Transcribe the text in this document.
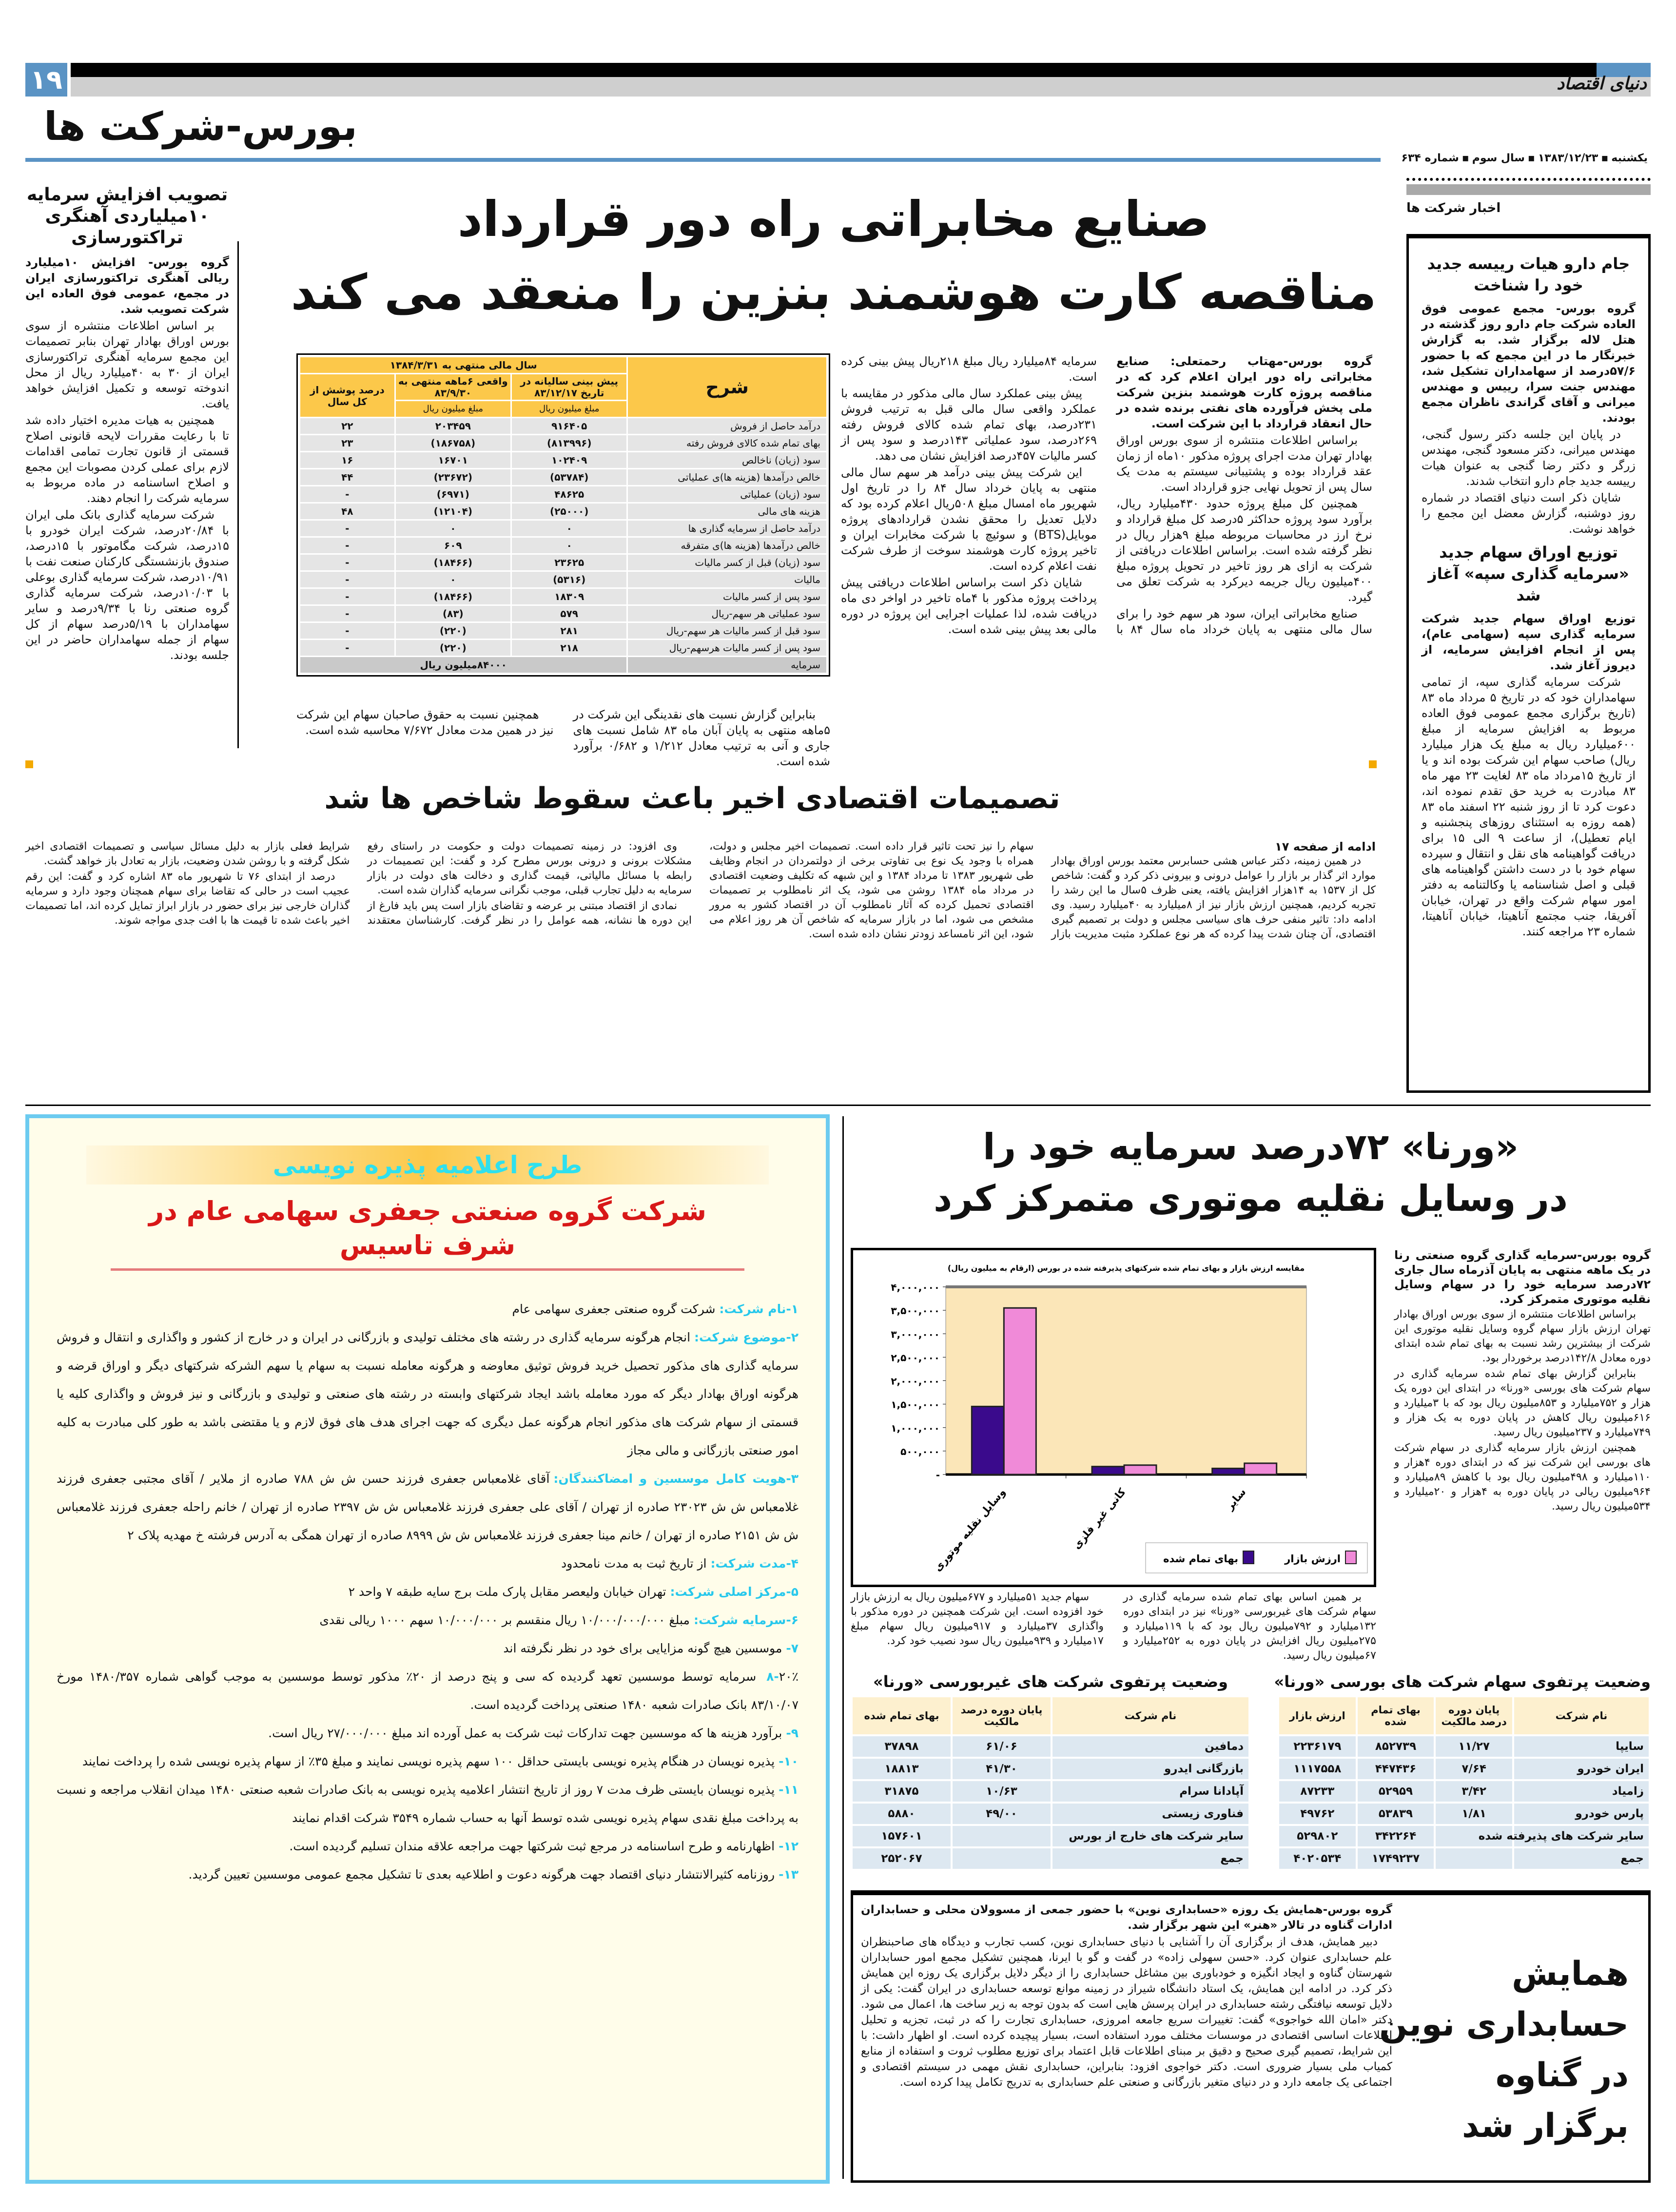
۱۹	دنیای اقتصاد
بورس-شرکت ها
یکشنبه▪۱۳۸۳/۱۲/۲۳▪سال سوم▪شماره ۶۳۴
اخبار شرکت ها
جام دارو هیات رییسه جدید خود را شناخت

گروه بورس- مجمع عمومی فوق العاده شرکت جام دارو روز گذشته در هتل لاله برگزار شد. به گزارش خبرنگار ما در این مجمع که با حضور ۵۷/۶درصد از سهامداران تشکیل شد، مهندس جنت سرا، رییس و مهندس میرانی و آقای گراندی ناظران مجمع بودند.

در پایان این جلسه دکتر رسول گنجی، مهندس میرانی، دکتر مسعود گنجی، مهندس زرگر و دکتر رضا گنجی به عنوان هیات رییسه جدید جام دارو انتخاب شدند.

شایان ذکر است دنیای اقتصاد در شماره روز دوشنبه، گزارش معضل این مجمع را خواهد نوشت.

توزیع اوراق سهام جدید «سرمایه گذاری سپه» آغاز شد

توزیع اوراق سهام جدید شرکت سرمایه گذاری سپه (سهامی عام)، پس از انجام افزایش سرمایه، از دیروز آغاز شد.

شرکت سرمایه گذاری سپه، از تمامی سهامداران خود که در تاریخ ۵ مرداد ماه ۸۳ (تاریخ برگزاری مجمع عمومی فوق العاده مربوط به افزایش سرمایه از مبلغ ۶۰۰میلیارد ریال به مبلغ یک هزار میلیارد ریال) صاحب سهام این شرکت بوده اند و یا از تاریخ ۱۵مرداد ماه ۸۳ لغایت ۲۳ مهر ماه ۸۳ مبادرت به خرید حق تقدم نموده اند، دعوت کرد تا از روز شنبه ۲۲ اسفند ماه ۸۳ (همه روزه به استثنای روزهای پنجشنبه و ایام تعطیل)، از ساعت ۹ الی ۱۵ برای دریافت گواهینامه های نقل و انتقال و سپرده سهام خود با در دست داشتن گواهینامه های قبلی و اصل شناسنامه یا وکالتنامه به دفتر امور سهام شرکت واقع در تهران، خیابان آفریقا، جنب مجتمع آناهیتا، خیابان آناهیتا، شماره ۲۳ مراجعه کنند.

تصویب افزایش سرمایه ۱۰میلیاردی آهنگری تراکتورسازی

گروه بورس- افزایش ۱۰میلیارد ریالی آهنگری تراکتورسازی ایران در مجمع، عمومی فوق العاده این شرکت تصویب شد.

بر اساس اطلاعات منتشره از سوی بورس اوراق بهادار تهران بنابر تصمیمات این مجمع سرمایه آهنگری تراکتورسازی ایران از ۳۰ به ۴۰میلیارد ریال از محل اندوخته توسعه و تکمیل افزایش خواهد یافت.

همچنین به هیات مدیره اختیار داده شد تا با رعایت مقررات لایحه قانونی اصلاح قسمتی از قانون تجارت تمامی اقدامات لازم برای عملی کردن مصوبات این مجمع و اصلاح اساسنامه در ماده مربوط به سرمایه شرکت را انجام دهند.

شرکت سرمایه گذاری بانک ملی ایران با ۲۰/۸۴درصد، شرکت ایران خودرو با ۱۵درصد، شرکت مگاموتور با ۱۵درصد، صندوق بازنشستگی کارکنان صنعت نفت با ۱۰/۹۱درصد، شرکت سرمایه گذاری بوعلی با ۱۰/۰۳درصد، شرکت سرمایه گذاری گروه صنعتی رنا با ۹/۳۴درصد و سایر سهامداران با ۵/۱۹درصد سهام از کل سهام از جمله سهامداران حاضر در این جلسه بودند.

صنایع مخابراتی راه دور قرارداد
مناقصه کارت هوشمند بنزین را منعقد می کند
شرح	سال مالی منتهی به ۱۳۸۴/۳/۳۱		
	پیش بینی سالیانه در تاریخ ۸۳/۱۲/۱۷	واقعی ۶ماهه منتهی به ۸۳/۹/۳۰	درصد پوشش از کل سال
	مبلغ میلیون ریال	مبلغ میلیون ریال	
درآمد حاصل از فروش	۹۱۶۴۰۵	۲۰۳۴۵۹	۲۲
بهای تمام شده کالای فروش رفته	(۸۱۳۹۹۶)	(۱۸۶۷۵۸)	۲۳
سود (زیان) ناخالص	۱۰۲۴۰۹	۱۶۷۰۱	۱۶
خالص درآمدها (هزینه ها)ی عملیاتی	(۵۳۷۸۴)	(۲۳۶۷۲)	۴۴
سود (زیان) عملیاتی	۴۸۶۲۵	(۶۹۷۱)	-
هزینه های مالی	(۲۵۰۰۰)	(۱۲۱۰۴)	۴۸
درآمد حاصل از سرمایه گذاری ها	۰	۰	-
خالص درآمدها (هزینه ها)ی متفرقه	۰	۶۰۹	-
سود (زیان) قبل از کسر مالیات	۲۳۶۲۵	(۱۸۴۶۶)	-
مالیات	(۵۳۱۶)	۰	-
سود پس از کسر مالیات	۱۸۳۰۹	(۱۸۴۶۶)	-
سود عملیاتی هر سهم-ریال	۵۷۹	(۸۳)	-
سود قبل از کسر مالیات هر سهم-ریال	۲۸۱	(۲۲۰)	-
سود پس از کسر مالیات هرسهم-ریال	۲۱۸	(۲۲۰)	-
سرمایه	۸۴۰۰۰میلیون ریال		

بنابراین گزارش نسبت های نقدینگی این شرکت در ۵ماهه منتهی به پایان آبان ماه ۸۳ شامل نسبت های جاری و آنی به ترتیب معادل ۱/۲۱۲ و ۰/۶۸۲ برآورد شده است.

همچنین نسبت به حقوق صاحبان سهام این شرکت نیز در همین مدت معادل ۷/۶۷۲ محاسبه شده است.

گروه بورس-مهتاب رحمتعلی: صنایع مخابراتی راه دور ایران اعلام کرد که در مناقصه پروژه کارت هوشمند بنزین شرکت ملی پخش فرآورده های نفتی برنده شده در حال انعقاد قرارداد با این شرکت است.

براساس اطلاعات منتشره از سوی بورس اوراق بهادار تهران مدت اجرای پروژه مذکور ۱۰ماه از زمان عقد قرارداد بوده و پشتیبانی سیستم به مدت یک سال پس از تحویل نهایی جزو قرارداد است.

همچنین کل مبلغ پروژه حدود ۴۳۰میلیارد ریال، برآورد سود پروژه حداکثر ۵درصد کل مبلغ قرارداد و نرخ ارز در محاسبات مربوطه مبلغ ۹هزار ریال در نظر گرفته شده است. براساس اطلاعات دریافتی از شرکت به ازای هر روز تاخیر در تحویل پروژه مبلغ ۴۰۰میلیون ریال جریمه دیرکرد به شرکت تعلق می گیرد.

صنایع مخابراتی ایران، سود هر سهم خود را برای سال مالی منتهی به پایان خرداد ماه سال ۸۴ با سرمایه ۸۴میلیارد ریال مبلغ ۲۱۸ریال پیش بینی کرده است.

پیش بینی عملکرد سال مالی مذکور در مقایسه با عملکرد واقعی سال مالی قبل به ترتیب فروش ۲۳۱درصد، بهای تمام شده کالای فروش رفته ۲۶۹درصد، سود عملیاتی ۱۴۳درصد و سود پس از کسر مالیات ۴۵۷درصد افزایش نشان می دهد.

این شرکت پیش بینی درآمد هر سهم سال مالی منتهی به پایان خرداد سال ۸۴ را در تاریخ اول شهریور ماه امسال مبلغ ۵۰۸ریال اعلام کرده بود که دلایل تعدیل را محقق نشدن قراردادهای پروژه موبایل(BTS) و سوئیچ با شرکت مخابرات ایران و تاخیر پروژه کارت هوشمند سوخت از طرف شرکت نفت اعلام کرده است.

شایان ذکر است براساس اطلاعات دریافتی پیش پرداخت پروژه مذکور با ۴ماه تاخیر در اواخر دی ماه دریافت شده، لذا عملیات اجرایی این پروژه در دوره مالی بعد پیش بینی شده است.

تصمیمات اقتصادی اخیر باعث سقوط شاخص ها شد
ادامه از صفحه ۱۷

در همین زمینه، دکتر عباس هشی حسابرس معتمد بورس اوراق بهادار موارد اثر گذار بر بازار را عوامل درونی و بیرونی ذکر کرد و گفت: شاخص کل از ۱۵۳۷ به ۱۴هزار افزایش یافته، یعنی ظرف ۵سال ما این رشد را تجربه کردیم، همچنین ارزش بازار نیز از ۸میلیارد به ۴۰میلیارد رسید. وی ادامه داد: تاثیر منفی حرف های سیاسی مجلس و دولت بر تصمیم گیری اقتصادی، آن چنان شدت پیدا کرده که هر نوع عملکرد مثبت مدیریت بازار سهام را نیز تحت تاثیر قرار داده است. تصمیمات اخیر مجلس و دولت، همراه با وجود یک نوع بی تفاوتی برخی از دولتمردان در انجام وظایف طی شهریور ۱۳۸۳ تا مرداد ۱۳۸۴ و این شبهه که تکلیف وضعیت اقتصادی در مرداد ماه ۱۳۸۴ روشن می شود، یک اثر نامطلوب بر تصمیمات اقتصادی تحمیل کرده که آثار نامطلوب آن در اقتصاد کشور به مرور مشخص می شود، اما در بازار سرمایه که شاخص آن هر روز اعلام می شود، این اثر نامساعد زودتر نشان داده شده است.

وی افزود: در زمینه تصمیمات دولت و حکومت در راستای رفع مشکلات برونی و درونی بورس مطرح کرد و گفت: این تصمیمات در رابطه با مسائل مالیاتی، قیمت گذاری و دخالت های دولت در بازار سرمایه به دلیل تجارب قبلی، موجب نگرانی سرمایه گذاران شده است.

نمادی از اقتصاد مبتنی بر عرضه و تقاضای بازار است پس باید فارغ از این دوره ها نشانه، همه عوامل را در نظر گرفت. کارشناسان معتقدند شرایط فعلی بازار به دلیل مسائل سیاسی و تصمیمات اقتصادی اخیر شکل گرفته و با روشن شدن وضعیت، بازار به تعادل باز خواهد گشت.

درصد از ابتدای ۷۶ تا شهریور ماه ۸۳ اشاره کرد و گفت: این رقم عجیب است در حالی که تقاضا برای سهام همچنان وجود دارد و سرمایه گذاران خارجی نیز برای حضور در بازار ابراز تمایل کرده اند، اما تصمیمات اخیر باعث شده تا قیمت ها با افت جدی مواجه شوند.

طرح اعلامیه پذیره نویسی
شرکت گروه صنعتی جعفری سهامی عام در شرف تاسیس
۱-نام شرکت:شرکت گروه صنعتی جعفری سهامی عام
۲-موضوع شرکت:انجام هرگونه سرمایه گذاری در رشته های مختلف تولیدی و بازرگانی در ایران و در خارج از کشور و واگذاری و انتقال و فروش سرمایه گذاری های مذکور تحصیل خرید فروش توثیق معاوضه و هرگونه معامله نسبت به سهام یا سهم الشرکه شرکتهای دیگر و اوراق قرضه و هرگونه اوراق بهادار دیگر که مورد معامله باشد ایجاد شرکتهای وابسته در رشته های صنعتی و تولیدی و بازرگانی و نیز فروش و واگذاری کلیه یا قسمتی از سهام شرکت های مذکور انجام هرگونه عمل دیگری که جهت اجرای هدف های فوق لازم و یا مقتضی باشد به طور کلی مبادرت به کلیه امور صنعتی بازرگانی و مالی مجاز
۳-هویت کامل موسسین و امضاکنندگان:آقای غلامعباس جعفری فرزند حسن ش ش ۷۸۸ صادره از ملایر / آقای مجتبی جعفری فرزند غلامعباس ش ش ۲۳۰۲۳ صادره از تهران / آقای علی جعفری فرزند غلامعباس ش ش ۲۳۹۷ صادره از تهران / خانم راحله جعفری فرزند غلامعباس ش ش ۲۱۵۱ صادره از تهران / خانم مینا جعفری فرزند غلامعباس ش ش ۸۹۹۹ صادره از تهران همگی به آدرس فرشته خ مهدیه پلاک ۲
۴-مدت شرکت:از تاریخ ثبت به مدت نامحدود
۵-مرکز اصلی شرکت:تهران خیابان ولیعصر مقابل پارک ملت برج سایه طبقه ۷ واحد ۲
۶-سرمایه شرکت:مبلغ ۱۰/۰۰۰/۰۰۰/۰۰۰ ریال منقسم بر ۱۰/۰۰۰/۰۰۰ سهم ۱۰۰۰ ریالی نقدی
۷-موسسین هیچ گونه مزایایی برای خود در نظر نگرفته اند
۸-۲۰٪ سرمایه توسط موسسین تعهد گردیده که سی و پنج درصد از ۲۰٪ مذکور توسط موسسین به موجب گواهی شماره ۱۴۸۰/۳۵۷ مورخ ۸۳/۱۰/۰۷ بانک صادرات شعبه ۱۴۸۰ صنعتی پرداخت گردیده است.
۹-برآورد هزینه ها که موسسین جهت تدارکات ثبت شرکت به عمل آورده اند مبلغ ۲۷/۰۰۰/۰۰۰ ریال است.
۱۰-پذیره نویسان در هنگام پذیره نویسی بایستی حداقل ۱۰۰ سهم پذیره نویسی نمایند و مبلغ ۳۵٪ از سهام پذیره نویسی شده را پرداخت نمایند
۱۱-پذیره نویسان بایستی ظرف مدت ۷ روز از تاریخ انتشار اعلامیه پذیره نویسی به بانک صادرات شعبه صنعتی ۱۴۸۰ میدان انقلاب مراجعه و نسبت به پرداخت مبلغ نقدی سهام پذیره نویسی شده توسط آنها به حساب شماره ۳۵۴۹ شرکت اقدام نمایند
۱۲-اظهارنامه و طرح اساسنامه در مرجع ثبت شرکتها جهت مراجعه علاقه مندان تسلیم گردیده است.
۱۳-روزنامه کثیرالانتشار دنیای اقتصاد جهت هرگونه دعوت و اطلاعیه بعدی تا تشکیل مجمع عمومی موسسین تعیین گردید.
«ورنا» ۷۲درصد سرمایه خود را
در وسایل نقلیه موتوری متمرکز کرد
مقایسه ارزش بازار و بهای تمام شده شرکتهای پذیرفته شده در بورس (ارقام به میلیون ریال)
-
۵۰۰,۰۰۰
۱,۰۰۰,۰۰۰
۱,۵۰۰,۰۰۰
۲,۰۰۰,۰۰۰
۲,۵۰۰,۰۰۰
۳,۰۰۰,۰۰۰
۳,۵۰۰,۰۰۰
۴,۰۰۰,۰۰۰
وسایل نقلیه موتوری	کانی غیر فلزی	سایر
بهای تمام شده	ارزش بازار

گروه بورس-سرمایه گذاری گروه صنعتی رنا در یک ماهه منتهی به پایان آذرماه سال جاری ۷۲درصد سرمایه خود را در سهام وسایل نقلیه موتوری متمرکز کرد.

براساس اطلاعات منتشره از سوی بورس اوراق بهادار تهران ارزش بازار سهام گروه وسایل نقلیه موتوری این شرکت از بیشترین رشد نسبت به بهای تمام شده ابتدای دوره معادل ۱۴۲/۸درصد برخوردار بود.

بنابراین گزارش بهای تمام شده سرمایه گذاری در سهام شرکت های بورسی «ورنا» در ابتدای این دوره یک هزار و ۷۵۲میلیارد و ۸۵۳میلیون ریال بود که با ۳میلیارد و ۶۱۶میلیون ریال کاهش در پایان دوره به یک هزار و ۷۴۹میلیارد و ۲۳۷میلیون ریال رسید.

همچنین ارزش بازار سرمایه گذاری در سهام شرکت های بورسی این شرکت نیز که در ابتدای دوره ۴هزار و ۱۱۰میلیارد و ۴۹۸میلیون ریال بود با کاهش ۸۹میلیارد و ۹۶۴میلیون ریالی در پایان دوره به ۴هزار و ۲۰میلیارد و ۵۳۴میلیون ریال رسید.

بر همین اساس بهای تمام شده سرمایه گذاری در سهام شرکت های غیربورسی «ورنا» نیز در ابتدای دوره ۱۳۲میلیارد و ۷۹۲میلیون ریال بود که با ۱۱۹میلیارد و ۲۷۵میلیون ریال افزایش در پایان دوره به ۲۵۲میلیارد و ۶۷میلیون ریال رسید.

سهام جدید ۵۱میلیارد و ۶۷۷میلیون ریال به ارزش بازار خود افزوده است. این شرکت همچنین در دوره مذکور با واگذاری ۳۷میلیارد و ۹۱۷میلیون ریال سهام مبلغ ۱۷میلیارد و ۹۳۹میلیون ریال سود نصیب خود کرد.

وضعیت پرتفوی سهام شرکت های بورسی «ورنا»
وضعیت پرتفوی شرکت های غیربورسی «ورنا»
نام شرکت	پایان دوره درصد مالکیت	بهای تمام شده	ارزش بازار
سایپا	۱۱/۲۷	۸۵۲۷۳۹	۲۲۳۶۱۷۹
ایران خودرو	۷/۶۴	۴۴۷۴۳۶	۱۱۱۷۵۵۸
زامیاد	۳/۴۲	۵۲۹۵۹	۸۷۲۳۳
پارس خودرو	۱/۸۱	۵۳۸۳۹	۴۹۷۶۲
سایر شرکت های پذیرفته شده		۳۴۲۲۶۴	۵۲۹۸۰۲
جمع		۱۷۴۹۲۳۷	۴۰۲۰۵۳۴
نام شرکت	پایان دوره درصد مالکیت	بهای تمام شده
دمافین	۶۱/۰۶	۳۷۸۹۸
بازرگانی ایدرو	۴۱/۳۰	۱۸۸۱۳
آپادانا سرام	۱۰/۶۳	۳۱۸۷۵
فناوری زیستی	۴۹/۰۰	۵۸۸۰
سایر شرکت های خارج از بورس		۱۵۷۶۰۱
جمع		۲۵۲۰۶۷
همایش
حسابداری نوین
در گناوه
برگزار شد

گروه بورس-همایش یک روزه «حسابداری نوین» با حضور جمعی از مسوولان محلی و حسابداران ادارات گناوه در تالار «هنر» این شهر برگزار شد.

دبیر همایش، هدف از برگزاری آن را آشنایی با دنیای حسابداری نوین، کسب تجارب و دیدگاه های صاحبنظران علم حسابداری عنوان کرد. «حسن سهولی زاده» در گفت و گو با ایرنا، همچنین تشکیل مجمع امور حسابداران شهرستان گناوه و ایجاد انگیزه و خودباوری بین مشاغل حسابداری را از دیگر دلایل برگزاری یک روزه این همایش ذکر کرد. در ادامه این همایش، یک استاد دانشگاه شیراز در زمینه موانع توسعه حسابداری در ایران گفت: یکی از دلایل توسعه نیافتگی رشته حسابداری در ایران پرسش هایی است که بدون توجه به زیر ساخت ها، اعمال می شود. دکتر «امان الله خواجوی» گفت: تغییرات سریع جامعه امروزی، حسابداری تجارت را که در ثبت، تجزیه و تحلیل اطلاعات اساسی اقتصادی در موسسات مختلف مورد استفاده است، بسیار پیچیده کرده است. او اظهار داشت: با این شرایط، تصمیم گیری صحیح و دقیق بر مبنای اطلاعات قابل اعتماد برای توزیع مطلوب ثروت و استفاده از منابع کمیاب ملی بسیار ضروری است. دکتر خواجوی افزود: بنابراین، حسابداری نقش مهمی در سیستم اقتصادی و اجتماعی یک جامعه دارد و در دنیای متغیر بازرگانی و صنعتی علم حسابداری به تدریج تکامل پیدا کرده است.
